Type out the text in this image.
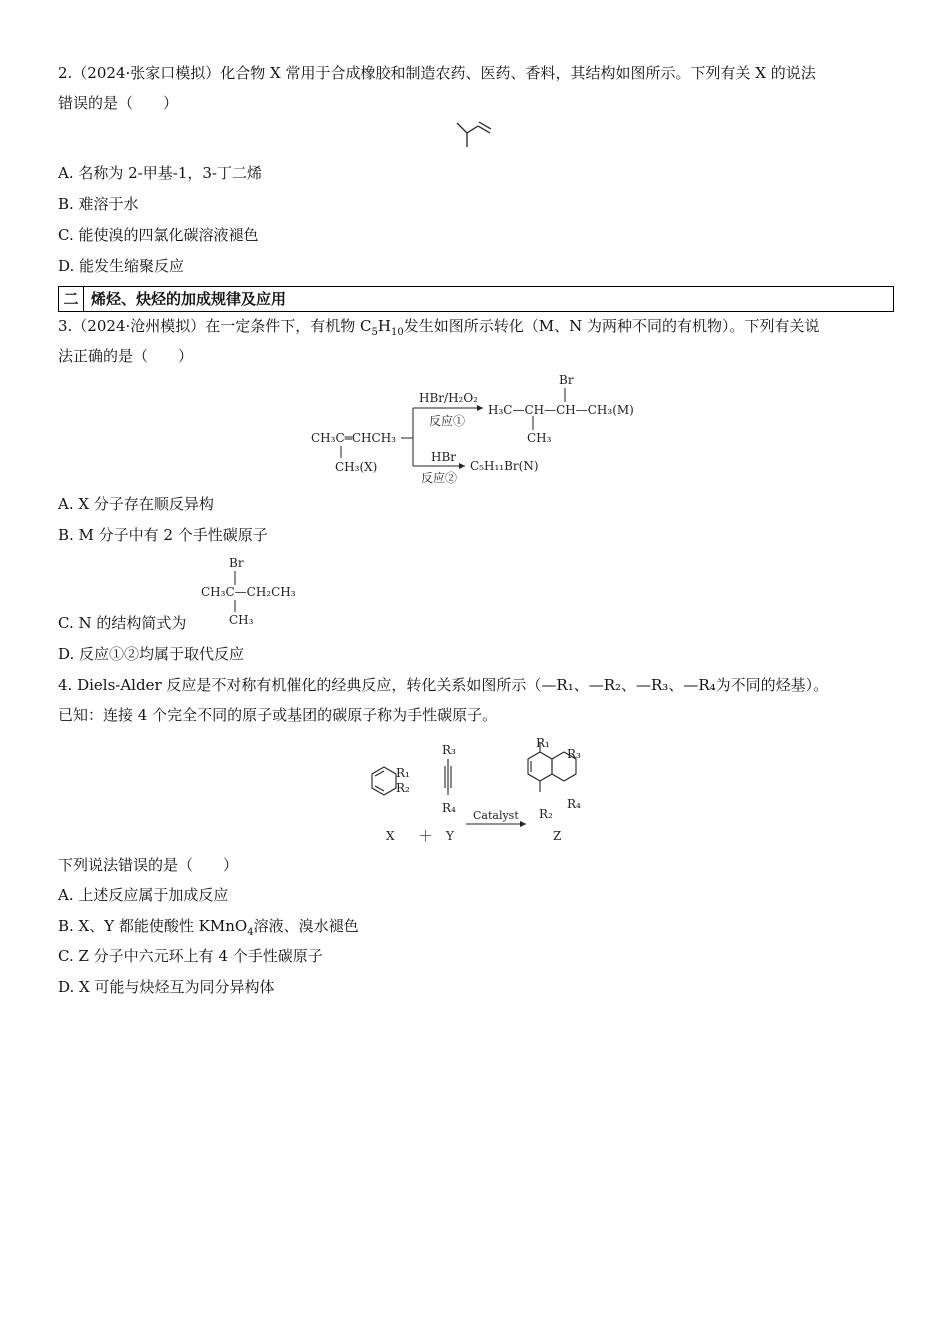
2.（2024·张家口模拟）化合物 X 常用于合成橡胶和制造农药、医药、香料，其结构如图所示。下列有关 X 的说法
错误的是（　　）
A. 名称为 2-甲基-1，3-丁二烯
B. 难溶于水
C. 能使溴的四氯化碳溶液褪色
D. 能发生缩聚反应
二 烯烃、炔烃的加成规律及应用
3.（2024·沧州模拟）在一定条件下，有机物 $C_5H_{10}$发生如图所示转化（M、N 为两种不同的有机物）。下列有关说
法正确的是（　　）
CH₃C═CHCH₃
CH₃(X)
HBr/H₂O₂
反应①
H₃C—CH—CH—CH₃(M)
Br
CH₃
HBr
反应②
C₅H₁₁Br(N)
A. X 分子存在顺反异构
B. M 分子中有 2 个手性碳原子
Br
CH₃C—CH₂CH₃
CH₃
C. N 的结构简式为
D. 反应①②均属于取代反应
4. Diels-Alder 反应是不对称有机催化的经典反应，转化关系如图所示（—R₁、—R₂、—R₃、—R₄为不同的烃基）。
已知：连接 4 个完全不同的原子或基团的碳原子称为手性碳原子。
R₁
R₂
R₃
R₄
R₁
R₃
R₄
R₂
Catalyst
X ＋ Y	Z
下列说法错误的是（　　）
A. 上述反应属于加成反应
B. X、Y 都能使酸性 KMnO$_4$溶液、溴水褪色
C. Z 分子中六元环上有 4 个手性碳原子
D. X 可能与炔烃互为同分异构体
